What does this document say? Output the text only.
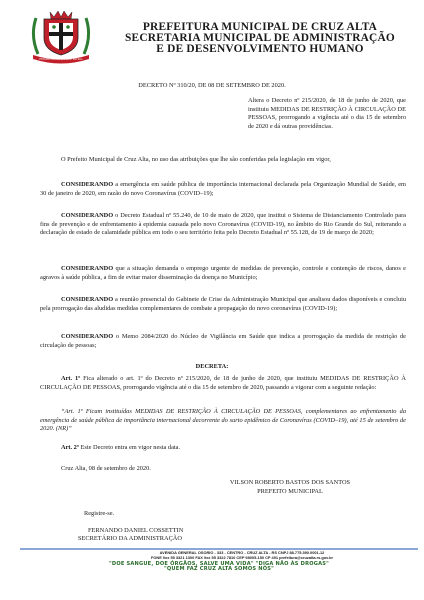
ESTADO DO RIO GRANDE DO SUL
PREFEITURA MUNICIPAL DE CRUZ ALTA
SECRETARIA MUNICIPAL DE ADMINISTRAÇÃO
E DE DESENVOLVIMENTO HUMANO
DECRETO Nº 310/20, DE 08 DE SETEMBRO DE 2020.
Altera o Decreto nº 215/2020, de 18 de junho de 2020, que instituiu MEDIDAS DE RESTRIÇÃO À CIRCULAÇÃO DE PESSOAS, prorrogando a vigência até o dia 15 de setembro de 2020 e dá outras providências.
O Prefeito Municipal de Cruz Alta, no uso das atribuições que lhe são conferidas pela legislação em vigor,
CONSIDERANDO a emergência em saúde pública de importância internacional declarada pela Organização Mundial de Saúde, em 30 de janeiro de 2020, em razão do novo Coronavírus (COVID–19);
CONSIDERANDO o Decreto Estadual nº 55.240, de 10 de maio de 2020, que institui o Sistema de Distanciamento Controlado para fins de prevenção e de enfrentamento à epidemia causada pelo novo Coronavírus (COVID-19), no âmbito do Rio Grande do Sul, reiterando a declaração de estado de calamidade pública em todo o seu território feita pelo Decreto Estadual nº 55.128, de 19 de março de 2020;
CONSIDERANDO que a situação demanda o emprego urgente de medidas de prevenção, controle e contenção de riscos, danos e agravos à saúde pública, a fim de evitar maior disseminação da doença no Município;
CONSIDERANDO a reunião presencial do Gabinete de Crise da Administração Municipal que analisou dados disponíveis e concluiu pela prorrogação das aludidas medidas complementares de combate a propagação do novo coronavírus (COVID-19);
CONSIDERANDO o Memo 2084/2020 do Núcleo de Vigilância em Saúde que indica a prorrogação da medida de restrição de circulação de pessoas;
DECRETA:
Art. 1º Fica alterado o art. 1º do Decreto nº 215/2020, de 18 de junho de 2020, que instituiu MEDIDAS DE RESTRIÇÃO À CIRCULAÇÃO DE PESSOAS, prorrogando vigência até o dia 15 de setembro de 2020, passando a vigorar com a seguinte redação:
“Art. 1º Ficam instituídas MEDIDAS DE RESTRIÇÃO À CIRCULAÇÃO DE PESSOAS, complementares ao enfrentamento da emergência de saúde pública de importância internacional decorrente do surto epidêmico de Coronavírus (COVID–19), até 15 de setembro de 2020. (NR)”
Art. 2º Este Decreto entra em vigor nesta data.
Cruz Alta, 08 de setembro de 2020.
VILSON ROBERTO BASTOS DOS SANTOS
PREFEITO MUNICIPAL
Registre-se.
FERNANDO DANIEL COSSETTIN
SECRETÁRIO DA ADMINISTRAÇÃO
AVENIDA GENERAL OSORIO - 333 - CENTRO - CRUZ ALTA - RS CNPJ 88.775.390.0001-12
FONE 0xx 55 3321 1300 FAX 0xx 55 3322 7810 CEP 98005-150 CP 491 prefeitura@cruzalta.rs.gov.br
"DOE SANGUE, DOE ÓRGÃOS, SALVE UMA VIDA" "DIGA NÃO ÀS DROGAS"
"QUEM FAZ CRUZ ALTA SOMOS NÓS"
